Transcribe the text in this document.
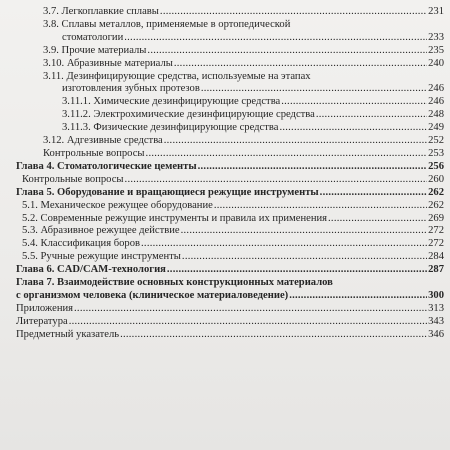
3.7. Легкоплавкие сплавы . . .	231
3.8. Сплавы металлов, применяемые в ортопедической
стоматологии . . .	233
3.9. Прочие материалы . . .	235
3.10. Абразивные материалы . . .	240
3.11. Дезинфицирующие средства, используемые на этапах
изготовления зубных протезов . . .	246
3.11.1. Химические дезинфицирующие средства . . .	246
3.11.2. Электрохимические дезинфицирующие средства . . .	248
3.11.3. Физические дезинфицирующие средства . . .	249
3.12. Адгезивные средства . . .	252
Контрольные вопросы . . .	253
Глава 4. Стоматологические цементы . . .	256
Контрольные вопросы . . .	260
Глава 5. Оборудование и вращающиеся режущие инструменты . . .	262
5.1. Механическое режущее оборудование . . .	262
5.2. Современные режущие инструменты и правила их применения . . .	269
5.3. Абразивное режущее действие . . .	272
5.4. Классификация боров . . .	272
5.5. Ручные режущие инструменты . . .	284
Глава 6. CAD/CAM-технология . . .	287
Глава 7. Взаимодействие основных конструкционных материалов
с организмом человека (клиническое материаловедение) . . .	300
Приложения . . .	313
Литература . . .	343
Предметный указатель . . .	346
